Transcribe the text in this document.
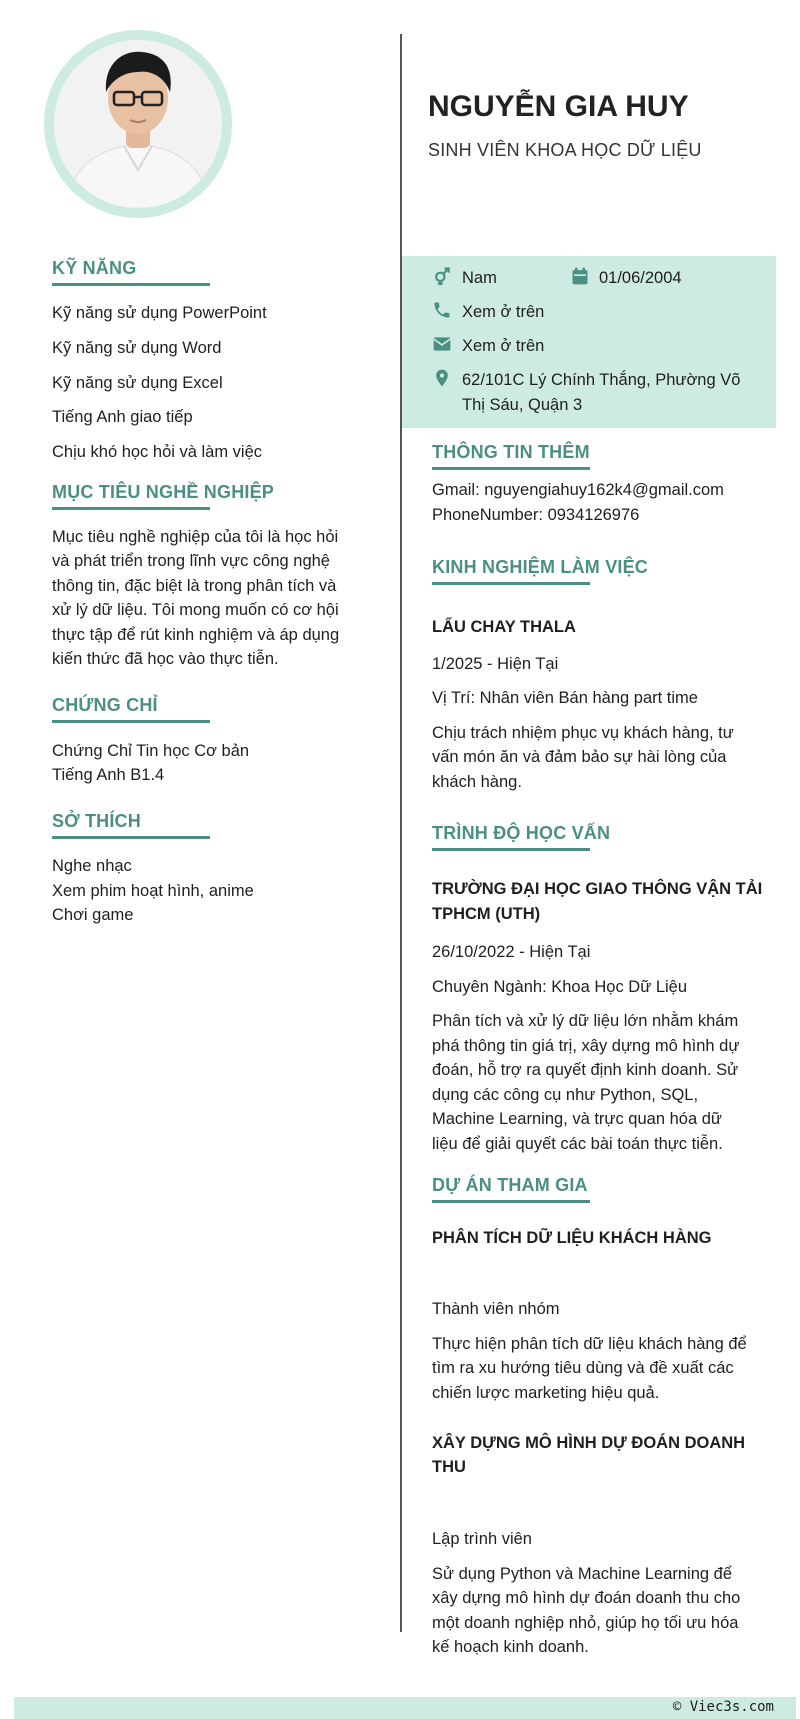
KỸ NĂNG
Kỹ năng sử dụng PowerPoint
Kỹ năng sử dụng Word
Kỹ năng sử dụng Excel
Tiếng Anh giao tiếp
Chịu khó học hỏi và làm việc
MỤC TIÊU NGHỀ NGHIỆP
Mục tiêu nghề nghiệp của tôi là học hỏi
và phát triển trong lĩnh vực công nghệ
thông tin, đặc biệt là trong phân tích và
xử lý dữ liệu. Tôi mong muốn có cơ hội
thực tập để rút kinh nghiệm và áp dụng
kiến thức đã học vào thực tiễn.
CHỨNG CHỈ
Chứng Chỉ Tin học Cơ bản
Tiếng Anh B1.4
SỞ THÍCH
Nghe nhạc
Xem phim hoạt hình, anime
Chơi game
NGUYỄN GIA HUY
SINH VIÊN KHOA HỌC DỮ LIỆU
Nam	01/06/2004
Xem ở trên
Xem ở trên
62/101C Lý Chính Thắng, Phường Võ
Thị Sáu, Quận 3
THÔNG TIN THÊM
Gmail: nguyengiahuy162k4@gmail.com
PhoneNumber: 0934126976
KINH NGHIỆM LÀM VIỆC
LẨU CHAY THALA
1/2025 - Hiện Tại
Vị Trí: Nhân viên Bán hàng part time
Chịu trách nhiệm phục vụ khách hàng, tư
vấn món ăn và đảm bảo sự hài lòng của
khách hàng.
TRÌNH ĐỘ HỌC VẤN
TRƯỜNG ĐẠI HỌC GIAO THÔNG VẬN TẢI
TPHCM (UTH)
26/10/2022 - Hiện Tại
Chuyên Ngành: Khoa Học Dữ Liệu
Phân tích và xử lý dữ liệu lớn nhằm khám
phá thông tin giá trị, xây dựng mô hình dự
đoán, hỗ trợ ra quyết định kinh doanh. Sử
dụng các công cụ như Python, SQL,
Machine Learning, và trực quan hóa dữ
liệu để giải quyết các bài toán thực tiễn.
DỰ ÁN THAM GIA
PHÂN TÍCH DỮ LIỆU KHÁCH HÀNG
Thành viên nhóm
Thực hiện phân tích dữ liệu khách hàng để
tìm ra xu hướng tiêu dùng và đề xuất các
chiến lược marketing hiệu quả.
XÂY DỰNG MÔ HÌNH DỰ ĐOÁN DOANH
THU
Lập trình viên
Sử dụng Python và Machine Learning để
xây dựng mô hình dự đoán doanh thu cho
một doanh nghiệp nhỏ, giúp họ tối ưu hóa
kế hoạch kinh doanh.
© Viec3s.com
